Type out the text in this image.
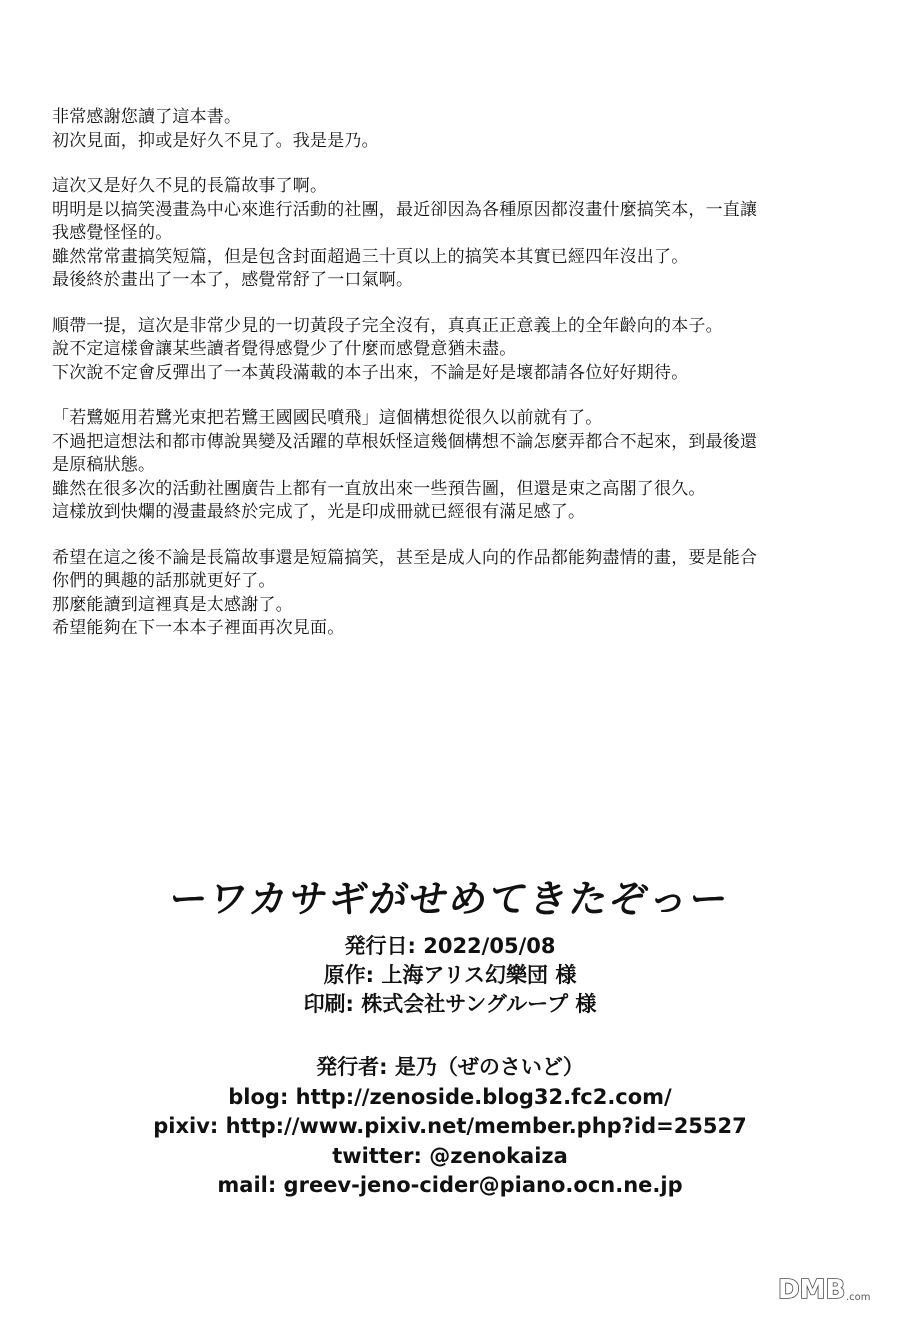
非常感謝您讀了這本書。
初次見面，抑或是好久不見了。我是是乃。
這次又是好久不見的長篇故事了啊。
明明是以搞笑漫畫為中心來進行活動的社團，最近卻因為各種原因都沒畫什麼搞笑本，一直讓
我感覺怪怪的。
雖然常常畫搞笑短篇，但是包含封面超過三十頁以上的搞笑本其實已經四年沒出了。
最後終於畫出了一本了，感覺常舒了一口氣啊。
順帶一提，這次是非常少見的一切黃段子完全沒有，真真正正意義上的全年齡向的本子。
說不定這樣會讓某些讀者覺得感覺少了什麼而感覺意猶未盡。
下次說不定會反彈出了一本黃段滿載的本子出來，不論是好是壞都請各位好好期待。
「若鷺姬用若鷺光束把若鷺王國國民噴飛」這個構想從很久以前就有了。
不過把這想法和都市傳說異變及活躍的草根妖怪這幾個構想不論怎麼弄都合不起來，到最後還
是原稿狀態。
雖然在很多次的活動社團廣告上都有一直放出來一些預告圖，但還是束之高閣了很久。
這樣放到快爛的漫畫最終於完成了，光是印成冊就已經很有滿足感了。
希望在這之後不論是長篇故事還是短篇搞笑，甚至是成人向的作品都能夠盡情的畫，要是能合
你們的興趣的話那就更好了。
那麼能讀到這裡真是太感謝了。
希望能夠在下一本本子裡面再次見面。
ーワカサギがせめてきたぞっー
発行日: 2022/05/08
原作: 上海アリス幻樂団 様
印刷: 株式会社サングループ 様
発行者: 是乃（ぜのさいど）
blog: http://zenoside.blog32.fc2.com/
pixiv: http://www.pixiv.net/member.php?id=25527
twitter: @zenokaiza
mail: greev-jeno-cider@piano.ocn.ne.jp
DMB .com
